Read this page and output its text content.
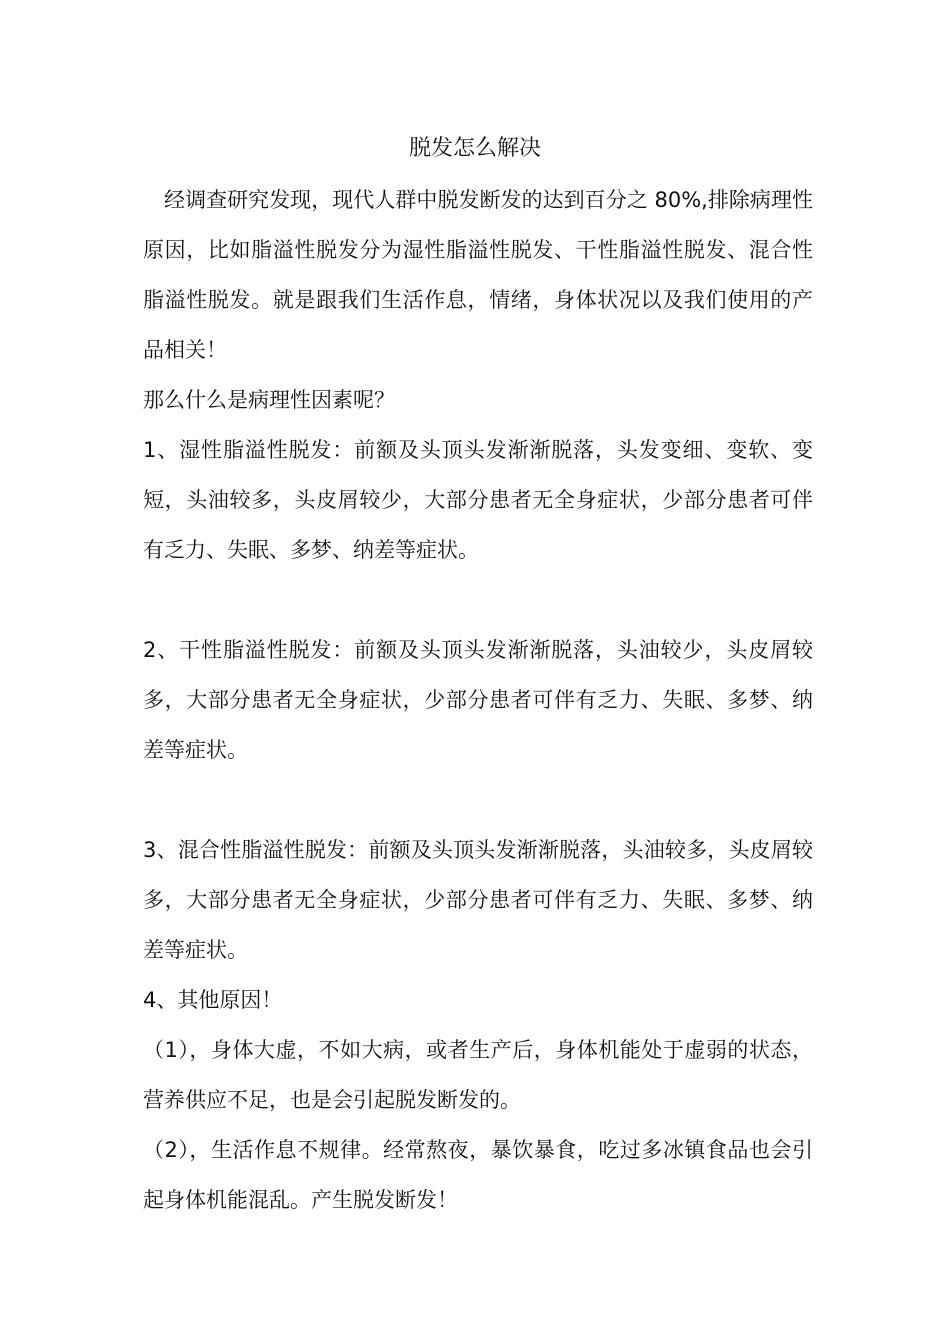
脱发怎么解决

　经调查研究发现，现代人群中脱发断发的达到百分之 80%,排除病理性原因，比如脂溢性脱发分为湿性脂溢性脱发、干性脂溢性脱发、混合性脂溢性脱发。就是跟我们生活作息，情绪，身体状况以及我们使用的产品相关！

那么什么是病理性因素呢？

1、湿性脂溢性脱发：前额及头顶头发渐渐脱落，头发变细、变软、变短，头油较多，头皮屑较少，大部分患者无全身症状，少部分患者可伴有乏力、失眠、多梦、纳差等症状。

2、干性脂溢性脱发：前额及头顶头发渐渐脱落，头油较少，头皮屑较多，大部分患者无全身症状，少部分患者可伴有乏力、失眠、多梦、纳差等症状。

3、混合性脂溢性脱发：前额及头顶头发渐渐脱落，头油较多，头皮屑较多，大部分患者无全身症状，少部分患者可伴有乏力、失眠、多梦、纳差等症状。

4、其他原因！

（1），身体大虚，不如大病，或者生产后，身体机能处于虚弱的状态，营养供应不足，也是会引起脱发断发的。

（2），生活作息不规律。经常熬夜，暴饮暴食，吃过多冰镇食品也会引起身体机能混乱。产生脱发断发！
